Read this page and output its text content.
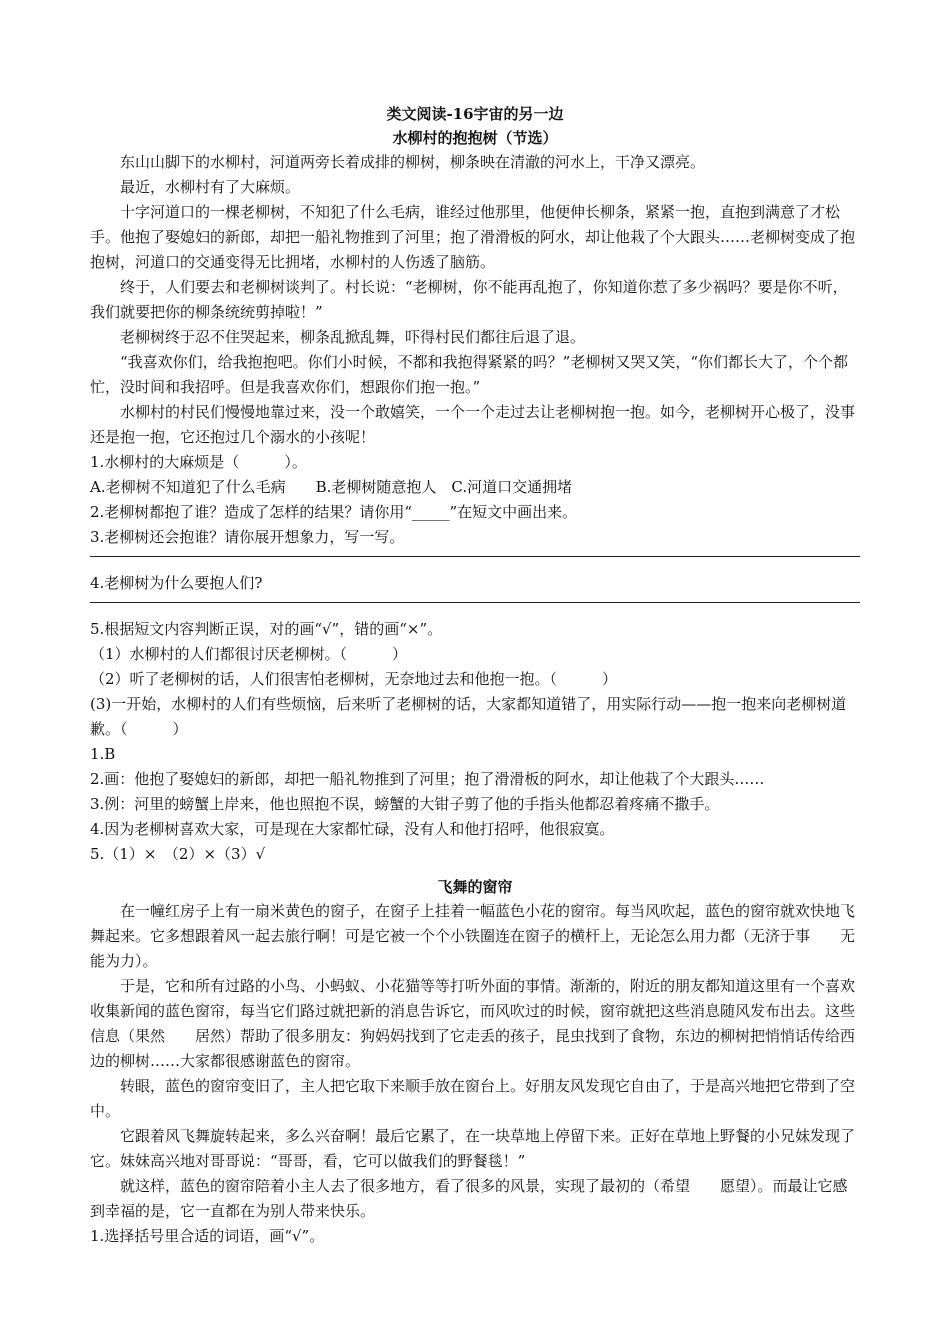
类文阅读-16宇宙的另一边

水柳村的抱抱树（节选）

东山山脚下的水柳村，河道两旁长着成排的柳树，柳条映在清澈的河水上，干净又漂亮。

最近，水柳村有了大麻烦。

十字河道口的一棵老柳树，不知犯了什么毛病，谁经过他那里，他便伸长柳条，紧紧一抱，直抱到满意了才松手。他抱了娶媳妇的新郎，却把一船礼物推到了河里；抱了滑滑板的阿水，却让他栽了个大跟头……老柳树变成了抱抱树，河道口的交通变得无比拥堵，水柳村的人伤透了脑筋。

终于，人们要去和老柳树谈判了。村长说：“老柳树，你不能再乱抱了，你知道你惹了多少祸吗？要是你不听，我们就要把你的柳条统统剪掉啦！”

老柳树终于忍不住哭起来，柳条乱掀乱舞，吓得村民们都往后退了退。

“我喜欢你们，给我抱抱吧。你们小时候，不都和我抱得紧紧的吗？”老柳树又哭又笑，“你们都长大了，个个都忙，没时间和我招呼。但是我喜欢你们，想跟你们抱一抱。”

水柳村的村民们慢慢地靠过来，没一个敢嬉笑，一个一个走过去让老柳树抱一抱。如今，老柳树开心极了，没事还是抱一抱，它还抱过几个溺水的小孩呢！

1.水柳村的大麻烦是（　　　）。

A.老柳树不知道犯了什么毛病　　B.老柳树随意抱人　C.河道口交通拥堵

2.老柳树都抱了谁？造成了怎样的结果？请你用“_____”在短文中画出来。

3.老柳树还会抱谁？请你展开想象力，写一写。

4.老柳树为什么要抱人们?

5.根据短文内容判断正误，对的画“√”，错的画“×”。

（1）水柳村的人们都很讨厌老柳树。（　　　）

（2）听了老柳树的话，人们很害怕老柳树，无奈地过去和他抱一抱。（　　　）

(3)一开始，水柳村的人们有些烦恼，后来听了老柳树的话，大家都知道错了，用实际行动——抱一抱来向老柳树道歉。（　　　）

1.B

2.画：他抱了娶媳妇的新郎，却把一船礼物推到了河里；抱了滑滑板的阿水，却让他栽了个大跟头……

3.例：河里的螃蟹上岸来，他也照抱不误，螃蟹的大钳子剪了他的手指头他都忍着疼痛不撒手。

4.因为老柳树喜欢大家，可是现在大家都忙碌，没有人和他打招呼，他很寂寞。

5.（1）×　（2）×（3）√

飞舞的窗帘

在一幢红房子上有一扇米黄色的窗子，在窗子上挂着一幅蓝色小花的窗帘。每当风吹起，蓝色的窗帘就欢快地飞舞起来。它多想跟着风一起去旅行啊！可是它被一个个小铁圈连在窗子的横杆上，无论怎么用力都（无济于事　　无能为力）。

于是，它和所有过路的小鸟、小蚂蚁、小花猫等等打听外面的事情。渐渐的，附近的朋友都知道这里有一个喜欢收集新闻的蓝色窗帘，每当它们路过就把新的消息告诉它，而风吹过的时候，窗帘就把这些消息随风发布出去。这些信息（果然　　居然）帮助了很多朋友：狗妈妈找到了它走丢的孩子，昆虫找到了食物，东边的柳树把悄悄话传给西边的柳树……大家都很感谢蓝色的窗帘。

转眼，蓝色的窗帘变旧了，主人把它取下来顺手放在窗台上。好朋友风发现它自由了，于是高兴地把它带到了空中。

它跟着风飞舞旋转起来，多么兴奋啊！最后它累了，在一块草地上停留下来。正好在草地上野餐的小兄妹发现了它。妹妹高兴地对哥哥说：“哥哥，看，它可以做我们的野餐毯！”

就这样，蓝色的窗帘陪着小主人去了很多地方，看了很多的风景，实现了最初的（希望　　愿望）。而最让它感到幸福的是，它一直都在为别人带来快乐。

1.选择括号里合适的词语，画“√”。
